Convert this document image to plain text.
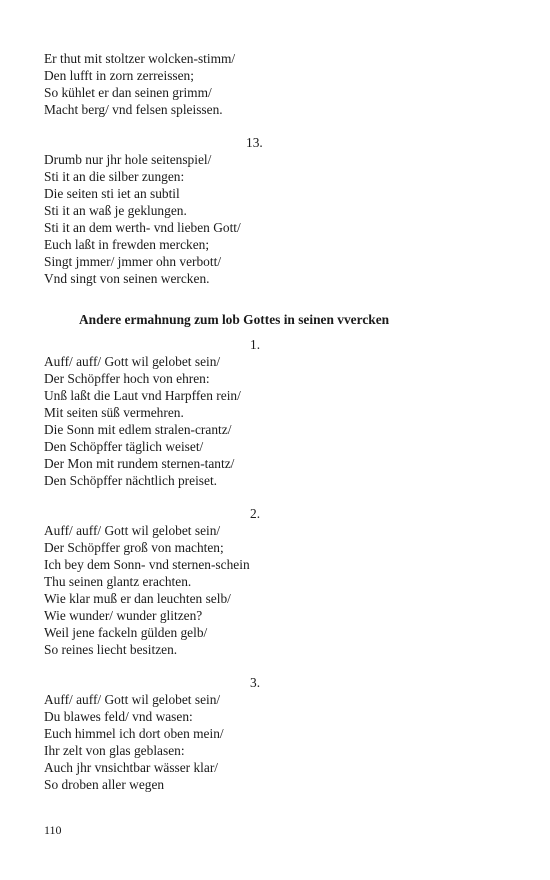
Er thut mit stoltzer wolcken-stimm/
Den lufft in zorn zerreissen;
So kühlet er dan seinen grimm/
Macht berg/ vnd felsen spleissen.
13.
Drumb nur jhr hole seitenspiel/
Sti it an die silber zungen:
Die seiten sti iet an subtil
Sti it an waß je geklungen.
Sti it an dem werth- vnd lieben Gott/
Euch laßt in frewden mercken;
Singt jmmer/ jmmer ohn verbott/
Vnd singt von seinen wercken.
Andere ermahnung zum lob Gottes in seinen vvercken
1.
Auff/ auff/ Gott wil gelobet sein/
Der Schöpffer hoch von ehren:
Unß laßt die Laut vnd Harpffen rein/
Mit seiten süß vermehren.
Die Sonn mit edlem stralen-crantz/
Den Schöpffer täglich weiset/
Der Mon mit rundem sternen-tantz/
Den Schöpffer nächtlich preiset.
2.
Auff/ auff/ Gott wil gelobet sein/
Der Schöpffer groß von machten;
Ich bey dem Sonn- vnd sternen-schein
Thu seinen glantz erachten.
Wie klar muß er dan leuchten selb/
Wie wunder/ wunder glitzen?
Weil jene fackeln gülden gelb/
So reines liecht besitzen.
3.
Auff/ auff/ Gott wil gelobet sein/
Du blawes feld/ vnd wasen:
Euch himmel ich dort oben mein/
Ihr zelt von glas geblasen:
Auch jhr vnsichtbar wässer klar/
So droben aller wegen
110
